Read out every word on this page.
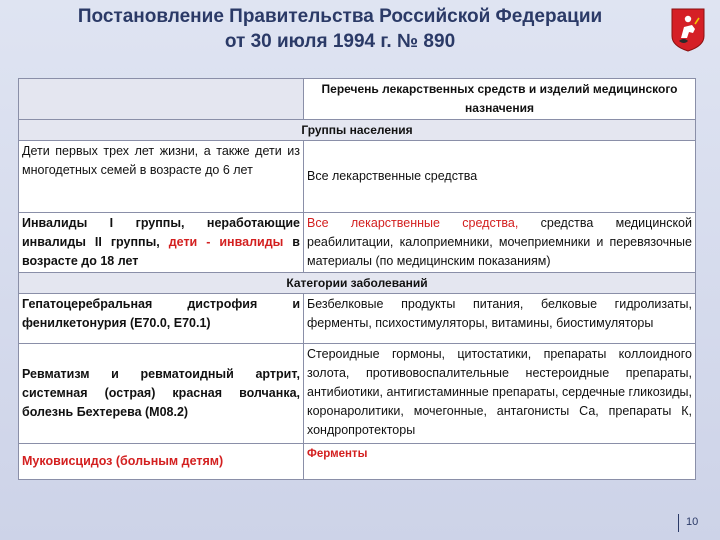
Постановление Правительства Российской Федерации
от 30 июля 1994 г. № 890
	Перечень лекарственных средств и изделий медицинского назначения
Группы населения	
Дети первых трех лет жизни, а также дети из многодетных семей в возрасте до 6 лет	Все лекарственные средства
Инвалиды I группы, неработающие инвалиды II группы, дети - инвалиды в возрасте до 18 лет	Все лекарственные средства, средства медицинской реабилитации, калоприемники, мочеприемники и перевязочные материалы (по медицинским показаниям)
Категории заболеваний	
Гепатоцеребральная дистрофия и фенилкетонурия (Е70.0, Е70.1)	Безбелковые продукты питания, белковые гидролизаты, ферменты, психостимуляторы, витамины, биостимуляторы
Ревматизм и ревматоидный артрит, системная (острая) красная волчанка, болезнь Бехтерева (М08.2)	Стероидные гормоны, цитостатики, препараты коллоидного золота, противовоспалительные нестероидные препараты, антибиотики, антигистаминные препараты, сердечные гликозиды, коронаролитики, мочегонные, антагонисты Са, препараты К, хондропротекторы
Муковисцидоз (больным детям)	Ферменты
10
